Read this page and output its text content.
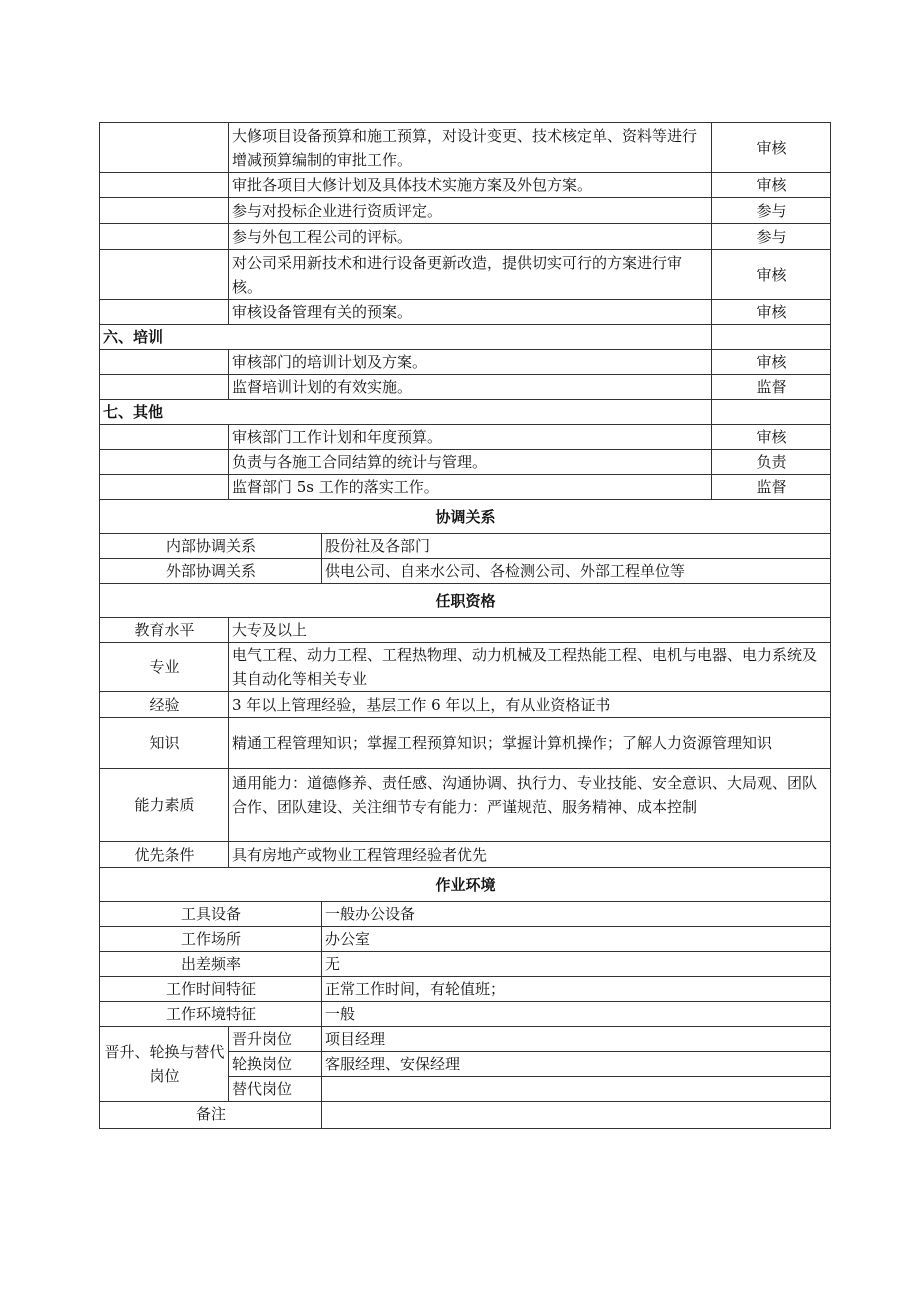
	大修项目设备预算和施工预算，对设计变更、技术核定单、资料等进行增减预算编制的审批工作。		审核
	审批各项目大修计划及具体技术实施方案及外包方案。		审核
	参与对投标企业进行资质评定。		参与
	参与外包工程公司的评标。		参与
	对公司采用新技术和进行设备更新改造，提供切实可行的方案进行审核。		审核
	审核设备管理有关的预案。		审核
六、培训			
	审核部门的培训计划及方案。		审核
	监督培训计划的有效实施。		监督
七、其他			
	审核部门工作计划和年度预算。		审核
	负责与各施工合同结算的统计与管理。		负责
	监督部门 5s 工作的落实工作。		监督
协调关系			
内部协调关系		股份社及各部门	
外部协调关系		供电公司、自来水公司、各检测公司、外部工程单位等	
任职资格			
教育水平	大专及以上		
专业	电气工程、动力工程、工程热物理、动力机械及工程热能工程、电机与电器、电力系统及其自动化等相关专业		
经验	3 年以上管理经验，基层工作 6 年以上，有从业资格证书		
知识	精通工程管理知识；掌握工程预算知识；掌握计算机操作；了解人力资源管理知识		
能力素质	通用能力：道德修养、责任感、沟通协调、执行力、专业技能、安全意识、大局观、团队合作、团队建设、关注细节专有能力：严谨规范、服务精神、成本控制		
优先条件	具有房地产或物业工程管理经验者优先		
作业环境			
工具设备		一般办公设备	
工作场所		办公室	
出差频率		无	
工作时间特征		正常工作时间，有轮值班；	
工作环境特征		一般	
晋升、轮换与替代岗位	晋升岗位	项目经理	
	轮换岗位	客服经理、安保经理	
	替代岗位		
备注			
